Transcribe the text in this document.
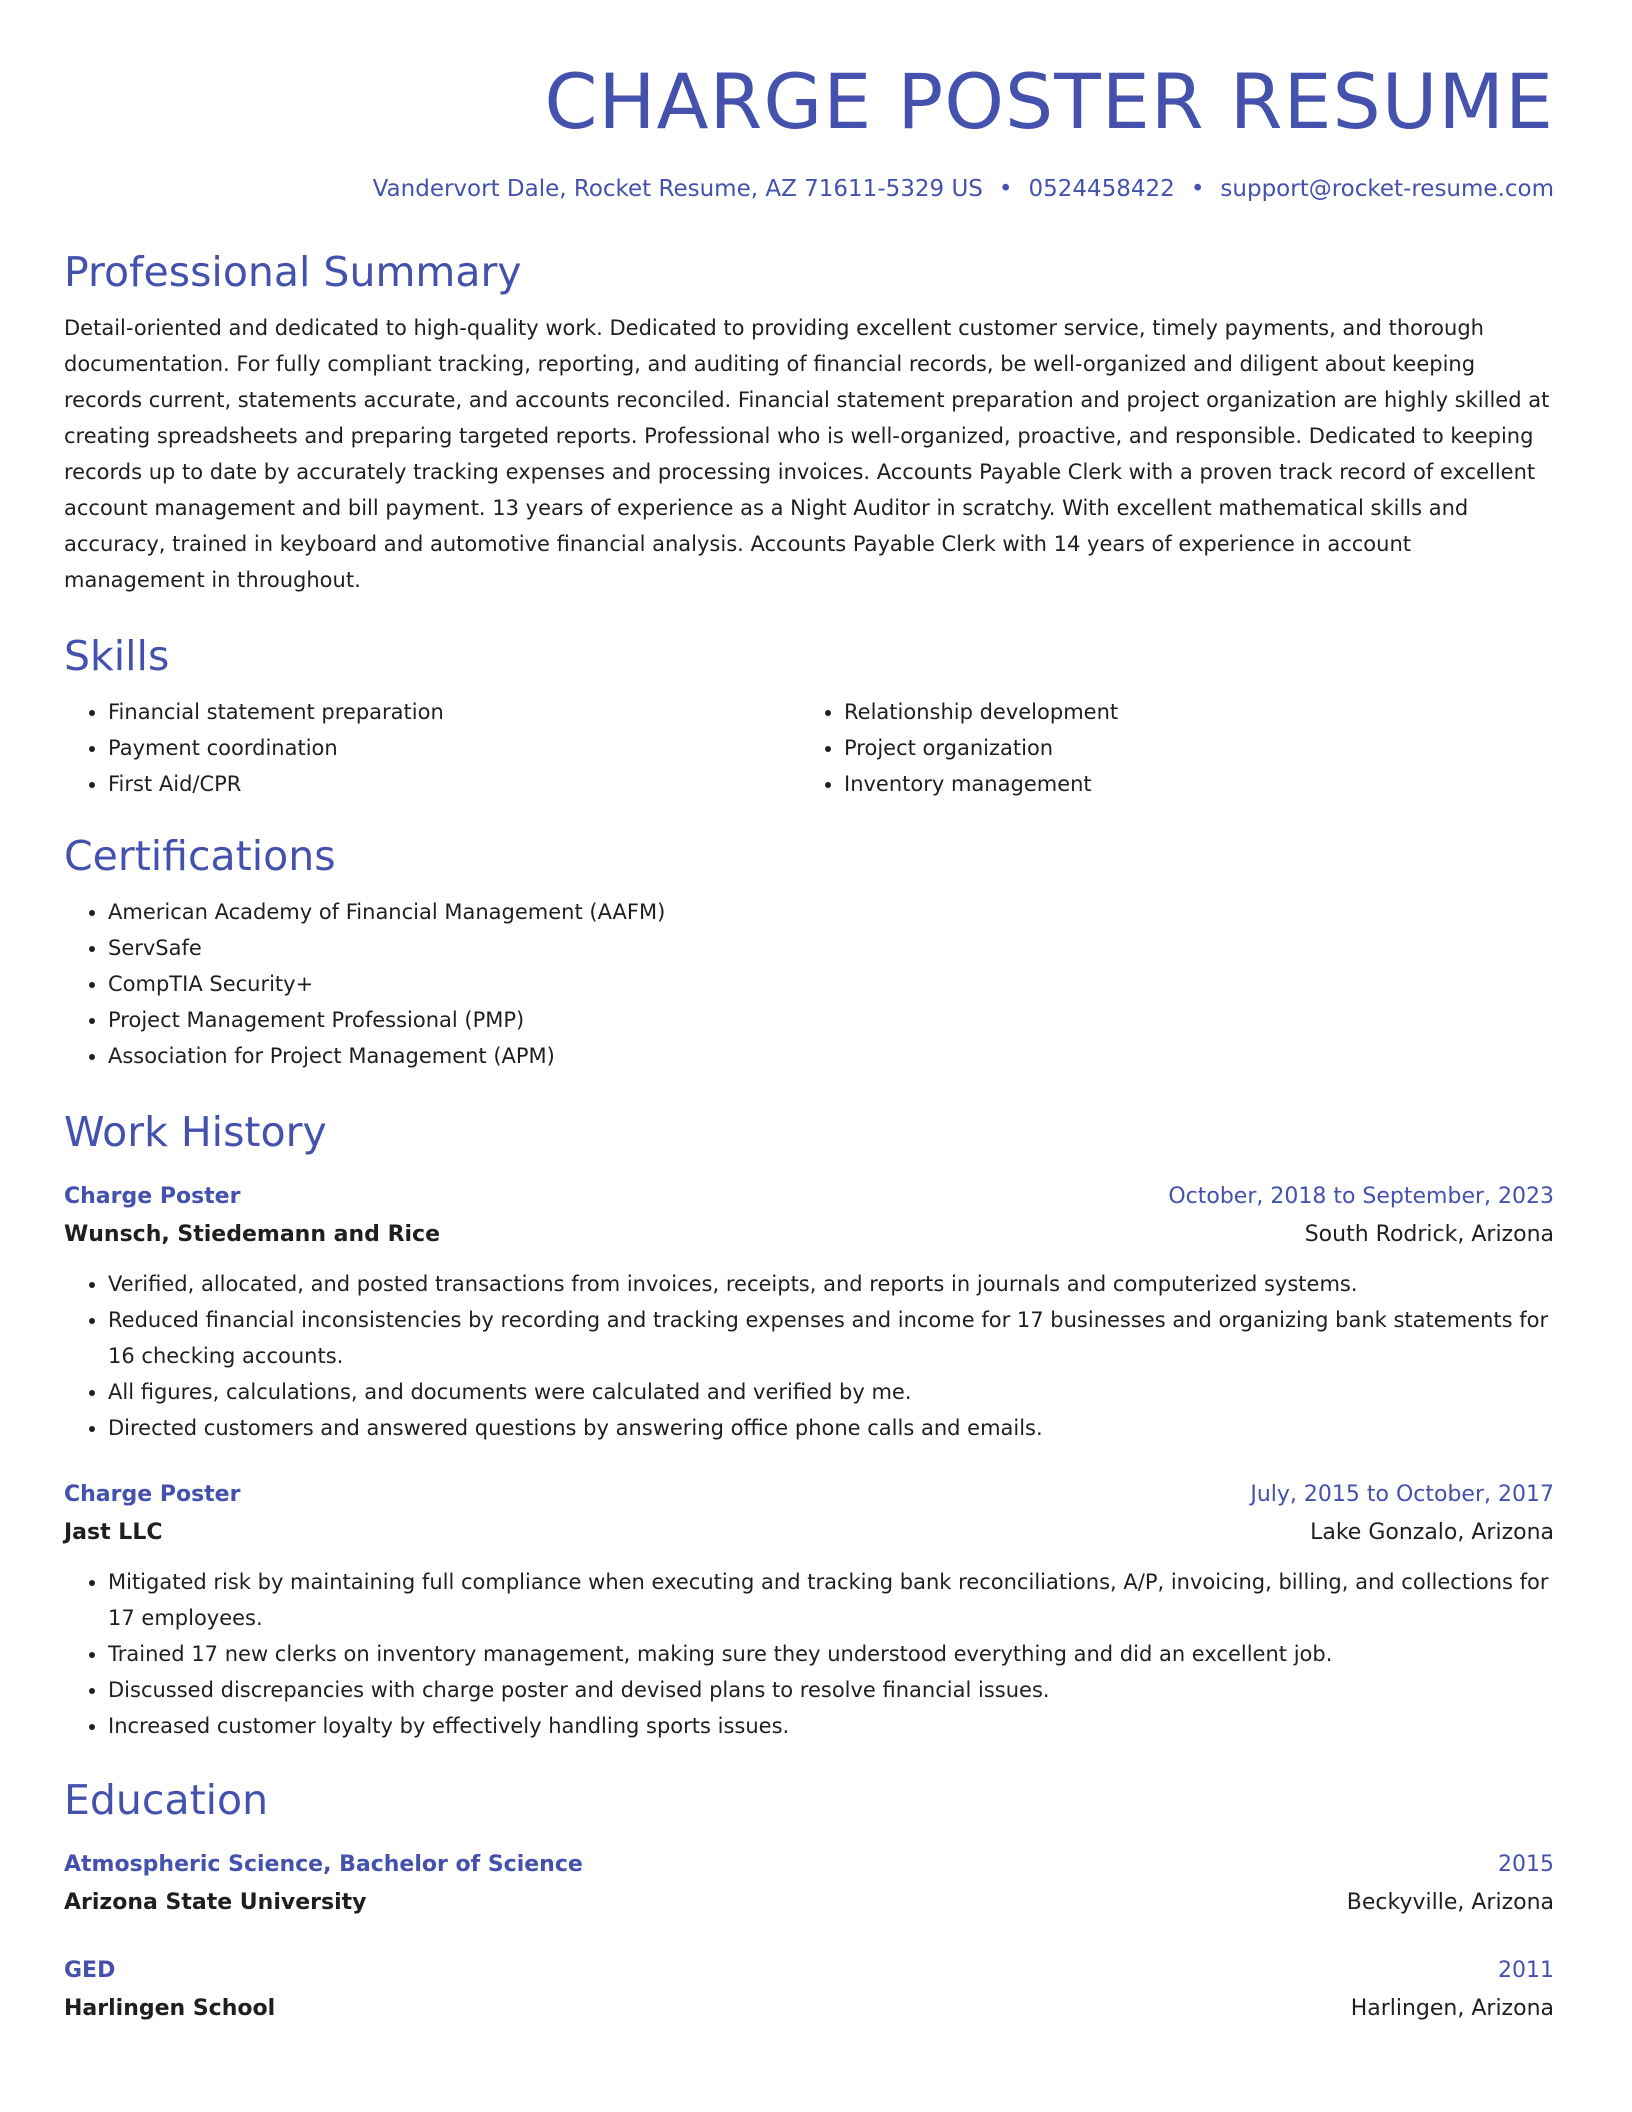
CHARGE POSTER RESUME
Vandervort Dale, Rocket Resume, AZ 71611-5329 US • 0524458422 • support@rocket-resume.com
Professional Summary
Detail-oriented and dedicated to high-quality work. Dedicated to providing excellent customer service, timely payments, and thorough documentation. For fully compliant tracking, reporting, and auditing of financial records, be well-organized and diligent about keeping records current, statements accurate, and accounts reconciled. Financial statement preparation and project organization are highly skilled at creating spreadsheets and preparing targeted reports. Professional who is well-organized, proactive, and responsible. Dedicated to keeping records up to date by accurately tracking expenses and processing invoices. Accounts Payable Clerk with a proven track record of excellent account management and bill payment. 13 years of experience as a Night Auditor in scratchy. With excellent mathematical skills and accuracy, trained in keyboard and automotive financial analysis. Accounts Payable Clerk with 14 years of experience in account management in throughout.
Skills
• Financial statement preparation
• Payment coordination
• First Aid/CPR
• Relationship development
• Project organization
• Inventory management
Certifications
• American Academy of Financial Management (AAFM)
• ServSafe
• CompTIA Security+
• Project Management Professional (PMP)
• Association for Project Management (APM)
Work History
Charge Poster	October, 2018 to September, 2023
Wunsch, Stiedemann and Rice	South Rodrick, Arizona
• Verified, allocated, and posted transactions from invoices, receipts, and reports in journals and computerized systems.
• Reduced financial inconsistencies by recording and tracking expenses and income for 17 businesses and organizing bank statements for 16 checking accounts.
• All figures, calculations, and documents were calculated and verified by me.
• Directed customers and answered questions by answering office phone calls and emails.
Charge Poster	July, 2015 to October, 2017
Jast LLC	Lake Gonzalo, Arizona
• Mitigated risk by maintaining full compliance when executing and tracking bank reconciliations, A/P, invoicing, billing, and collections for 17 employees.
• Trained 17 new clerks on inventory management, making sure they understood everything and did an excellent job.
• Discussed discrepancies with charge poster and devised plans to resolve financial issues.
• Increased customer loyalty by effectively handling sports issues.
Education
Atmospheric Science, Bachelor of Science	2015
Arizona State University	Beckyville, Arizona
GED	2011
Harlingen School	Harlingen, Arizona
